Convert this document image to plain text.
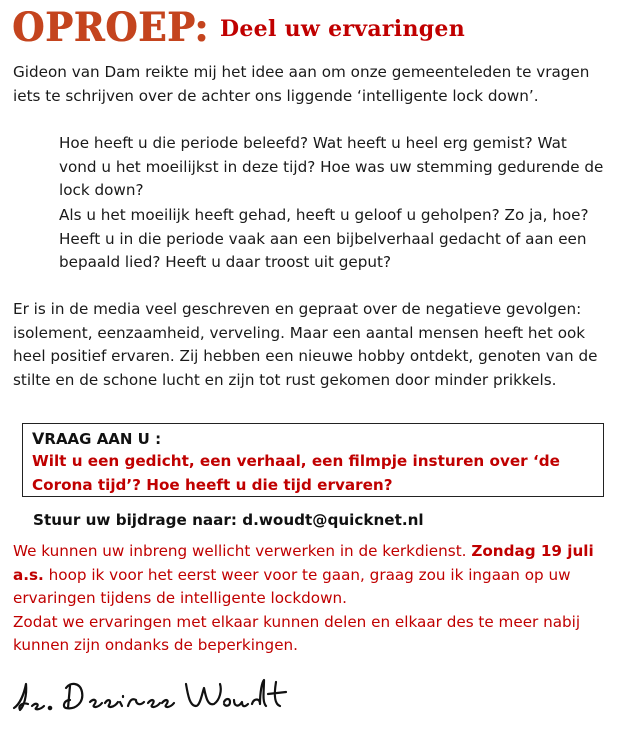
OPROEP: Deel uw ervaringen
Gideon van Dam reikte mij het idee aan om onze gemeenteleden te vragen iets te schrijven over de achter ons liggende ‘intelligente lock down’.
Hoe heeft u die periode beleefd? Wat heeft u heel erg gemist? Wat vond u het moeilijkst in deze tijd? Hoe was uw stemming gedurende de lock down?
Als u het moeilijk heeft gehad, heeft u geloof u geholpen? Zo ja, hoe? Heeft u in die periode vaak aan een bijbelverhaal gedacht of aan een bepaald lied? Heeft u daar troost uit geput?
Er is in de media veel geschreven en gepraat over de negatieve gevolgen: isolement, eenzaamheid, verveling. Maar een aantal mensen heeft het ook heel positief ervaren. Zij hebben een nieuwe hobby ontdekt, genoten van de stilte en de schone lucht en zijn tot rust gekomen door minder prikkels.
VRAAG AAN U :
Wilt u een gedicht, een verhaal, een filmpje insturen over ‘de Corona tijd’? Hoe heeft u die tijd ervaren?
Stuur uw bijdrage naar: d.woudt@quicknet.nl
We kunnen uw inbreng wellicht verwerken in de kerkdienst. Zondag 19 juli a.s. hoop ik voor het eerst weer voor te gaan, graag zou ik ingaan op uw ervaringen tijdens de intelligente lockdown.
Zodat we ervaringen met elkaar kunnen delen en elkaar des te meer nabij kunnen zijn ondanks de beperkingen.
